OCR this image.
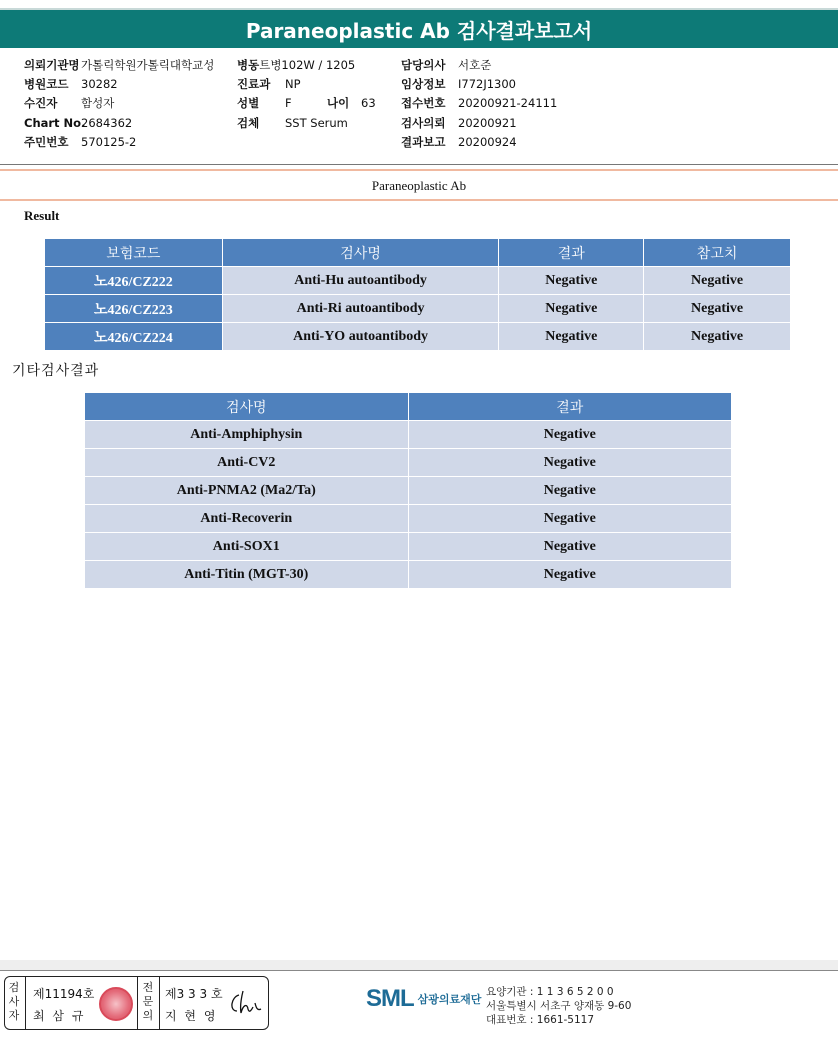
Paraneoplastic Ab 검사결과보고서
의뢰기관명 가톨릭학원가톨릭대학교성
병원코드	30282
수진자	함성자
Chart No.
2684362
주민번호	570125-2
병동 트병102W / 1205
진료과	NP
성별	F	나이	63
검체	SST Serum
담당의사	서호준
임상정보	I772J1300
접수번호	20200921-24111
검사의뢰	20200921
결과보고	20200924
Paraneoplastic Ab
Result
보험코드	검사명	결과	참고치
노426/CZ222	Anti-Hu autoantibody	Negative	Negative
노426/CZ223	Anti-Ri autoantibody	Negative	Negative
노426/CZ224	Anti-YO autoantibody	Negative	Negative
기타검사결과
검사명	결과
Anti-Amphiphysin	Negative
Anti-CV2	Negative
Anti-PNMA2 (Ma2/Ta)	Negative
Anti-Recoverin	Negative
Anti-SOX1	Negative
Anti-Titin (MGT-30)	Negative
검
사
자
제11194호
최 삼 규
전
문
의
제3 3 3 호
지 현 영
SML 삼광의료재단
요양기관 : 1 1 3 6 5 2 0 0
서울특별시 서초구 양재동 9-60
대표번호 : 1661-5117
